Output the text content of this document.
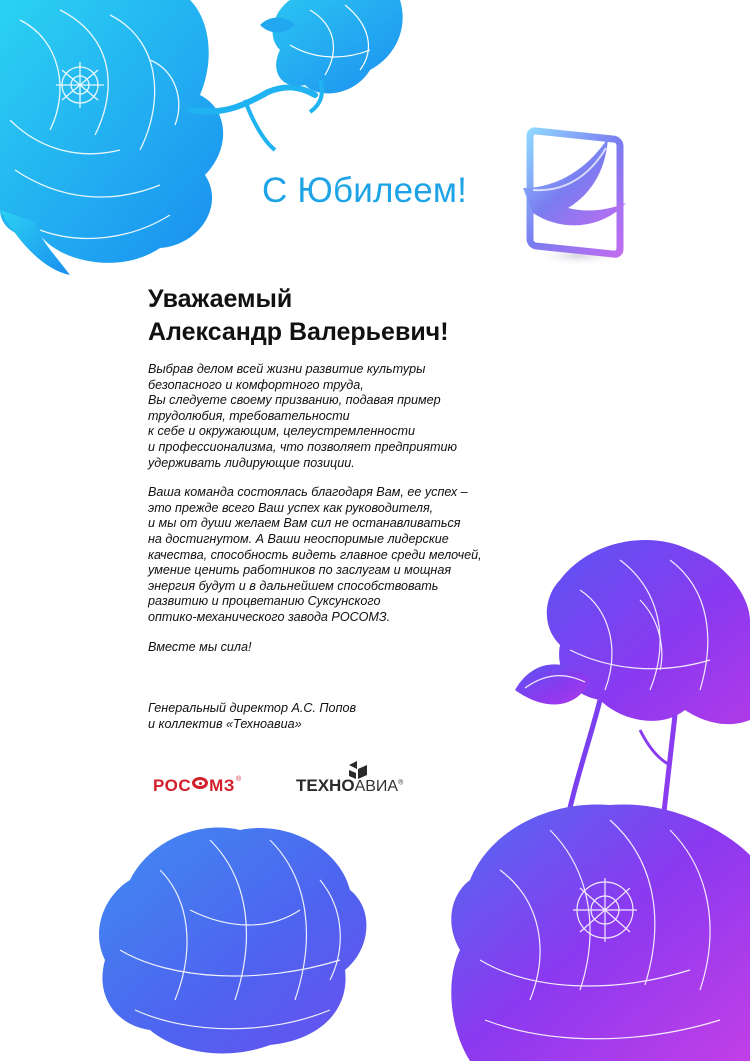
С Юбилеем!
Уважаемый
Александр Валерьевич!

Выбрав делом всей жизни развитие культуры
безопасного и комфортного труда,
Вы следуете своему призванию, подавая пример
трудолюбия, требовательности
к себе и окружающим, целеустремленности
и профессионализма, что позволяет предприятию
удерживать лидирующие позиции.

Ваша команда состоялась благодаря Вам, ее успех –
это прежде всего Ваш успех как руководителя,
и мы от души желаем Вам сил не останавливаться
на достигнутом. А Ваши неоспоримые лидерские
качества, способность видеть главное среди мелочей,
умение ценить работников по заслугам и мощная
энергия будут и в дальнейшем способствовать
развитию и процветанию Суксунского
оптико-механического завода РОСОМЗ.

Вместе мы сила!

Генеральный директор А.С. Попов
и коллектив «Техноавиа»
РОС МЗ®	ТЕХНОАВИА®
